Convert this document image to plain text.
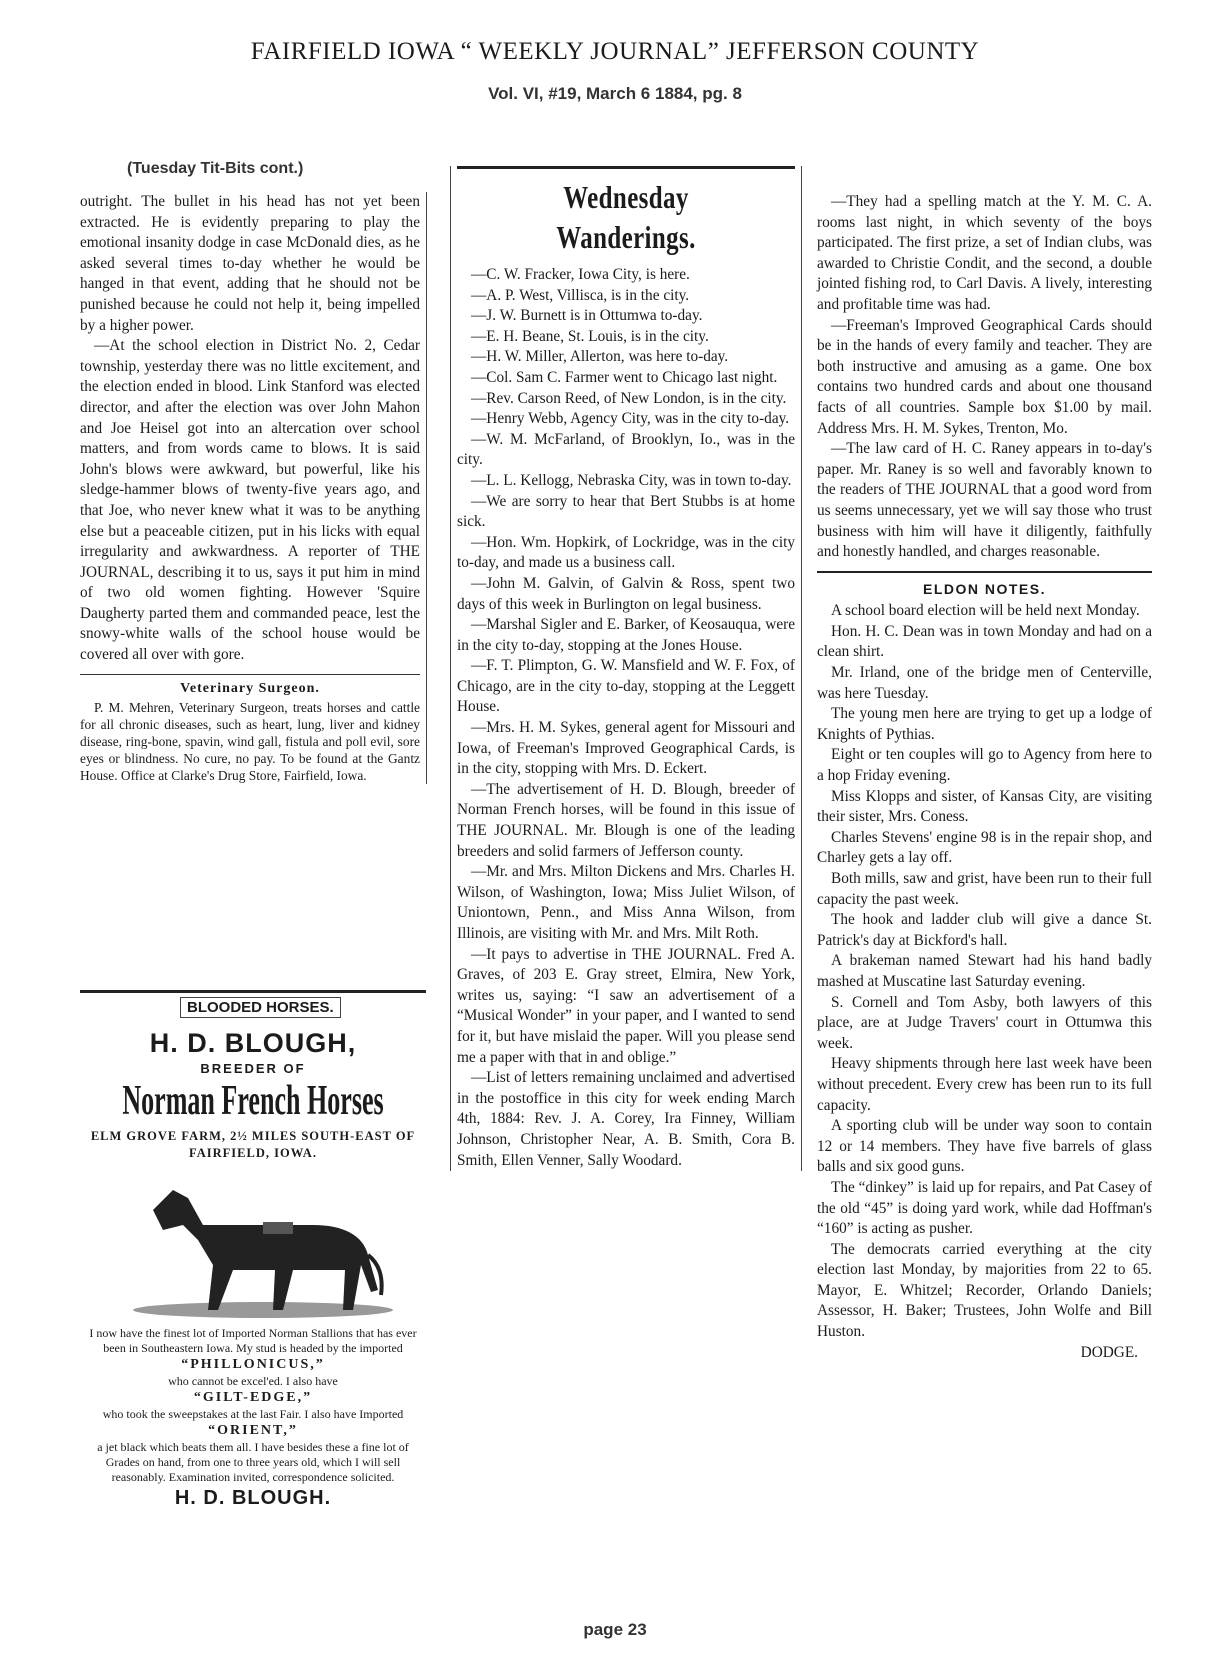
FAIRFIELD IOWA “ WEEKLY JOURNAL” JEFFERSON COUNTY
Vol. VI, #19, March 6 1884, pg. 8
(Tuesday Tit-Bits cont.)

outright. The bullet in his head has not yet been extracted. He is evidently preparing to play the emotional insanity dodge in case McDonald dies, as he asked several times to-day whether he would be hanged in that event, adding that he should not be punished because he could not help it, being impelled by a higher power.

—At the school election in District No. 2, Cedar township, yesterday there was no little excitement, and the election ended in blood. Link Stanford was elected director, and after the election was over John Mahon and Joe Heisel got into an altercation over school matters, and from words came to blows. It is said John's blows were awkward, but powerful, like his sledge-hammer blows of twenty-five years ago, and that Joe, who never knew what it was to be anything else but a peaceable citizen, put in his licks with equal irregularity and awkwardness. A reporter of THE JOURNAL, describing it to us, says it put him in mind of two old women fighting. However 'Squire Daugherty parted them and commanded peace, lest the snowy-white walls of the school house would be covered all over with gore.

Veterinary Surgeon.

P. M. Mehren, Veterinary Surgeon, treats horses and cattle for all chronic diseases, such as heart, lung, liver and kidney disease, ring-bone, spavin, wind gall, fistula and poll evil, sore eyes or blindness. No cure, no pay. To be found at the Gantz House. Office at Clarke's Drug Store, Fairfield, Iowa.

BLOODED HORSES.
H. D. BLOUGH,
BREEDER OF
Norman French Horses
ELM GROVE FARM, 2½ MILES SOUTH-EAST OF FAIRFIELD, IOWA.
I now have the finest lot of Imported Norman Stallions that has ever been in Southeastern Iowa. My stud is headed by the imported
“PHILLONICUS,”
who cannot be excel'ed. I also have
“GILT-EDGE,”
who took the sweepstakes at the last Fair. I also have Imported
“ORIENT,”
a jet black which beats them all. I have besides these a fine lot of Grades on hand, from one to three years old, which I will sell reasonably. Examination invited, correspondence solicited.
H. D. BLOUGH.
Wednesday Wanderings.

—C. W. Fracker, Iowa City, is here.

—A. P. West, Villisca, is in the city.

—J. W. Burnett is in Ottumwa to-day.

—E. H. Beane, St. Louis, is in the city.

—H. W. Miller, Allerton, was here to-day.

—Col. Sam C. Farmer went to Chicago last night.

—Rev. Carson Reed, of New London, is in the city.

—Henry Webb, Agency City, was in the city to-day.

—W. M. McFarland, of Brooklyn, Io., was in the city.

—L. L. Kellogg, Nebraska City, was in town to-day.

—We are sorry to hear that Bert Stubbs is at home sick.

—Hon. Wm. Hopkirk, of Lockridge, was in the city to-day, and made us a business call.

—John M. Galvin, of Galvin & Ross, spent two days of this week in Burlington on legal business.

—Marshal Sigler and E. Barker, of Keosauqua, were in the city to-day, stopping at the Jones House.

—F. T. Plimpton, G. W. Mansfield and W. F. Fox, of Chicago, are in the city to-day, stopping at the Leggett House.

—Mrs. H. M. Sykes, general agent for Missouri and Iowa, of Freeman's Improved Geographical Cards, is in the city, stopping with Mrs. D. Eckert.

—The advertisement of H. D. Blough, breeder of Norman French horses, will be found in this issue of THE JOURNAL. Mr. Blough is one of the leading breeders and solid farmers of Jefferson county.

—Mr. and Mrs. Milton Dickens and Mrs. Charles H. Wilson, of Washington, Iowa; Miss Juliet Wilson, of Uniontown, Penn., and Miss Anna Wilson, from Illinois, are visiting with Mr. and Mrs. Milt Roth.

—It pays to advertise in THE JOURNAL. Fred A. Graves, of 203 E. Gray street, Elmira, New York, writes us, saying: “I saw an advertisement of a “Musical Wonder” in your paper, and I wanted to send for it, but have mislaid the paper. Will you please send me a paper with that in and oblige.”

—List of letters remaining unclaimed and advertised in the postoffice in this city for week ending March 4th, 1884: Rev. J. A. Corey, Ira Finney, William Johnson, Christopher Near, A. B. Smith, Cora B. Smith, Ellen Venner, Sally Woodard.

—They had a spelling match at the Y. M. C. A. rooms last night, in which seventy of the boys participated. The first prize, a set of Indian clubs, was awarded to Christie Condit, and the second, a double jointed fishing rod, to Carl Davis. A lively, interesting and profitable time was had.

—Freeman's Improved Geographical Cards should be in the hands of every family and teacher. They are both instructive and amusing as a game. One box contains two hundred cards and about one thousand facts of all countries. Sample box $1.00 by mail. Address Mrs. H. M. Sykes, Trenton, Mo.

—The law card of H. C. Raney appears in to-day's paper. Mr. Raney is so well and favorably known to the readers of THE JOURNAL that a good word from us seems unnecessary, yet we will say those who trust business with him will have it diligently, faithfully and honestly handled, and charges reasonable.

ELDON NOTES.

A school board election will be held next Monday.

Hon. H. C. Dean was in town Monday and had on a clean shirt.

Mr. Irland, one of the bridge men of Centerville, was here Tuesday.

The young men here are trying to get up a lodge of Knights of Pythias.

Eight or ten couples will go to Agency from here to a hop Friday evening.

Miss Klopps and sister, of Kansas City, are visiting their sister, Mrs. Coness.

Charles Stevens' engine 98 is in the repair shop, and Charley gets a lay off.

Both mills, saw and grist, have been run to their full capacity the past week.

The hook and ladder club will give a dance St. Patrick's day at Bickford's hall.

A brakeman named Stewart had his hand badly mashed at Muscatine last Saturday evening.

S. Cornell and Tom Asby, both lawyers of this place, are at Judge Travers' court in Ottumwa this week.

Heavy shipments through here last week have been without precedent. Every crew has been run to its full capacity.

A sporting club will be under way soon to contain 12 or 14 members. They have five barrels of glass balls and six good guns.

The “dinkey” is laid up for repairs, and Pat Casey of the old “45” is doing yard work, while dad Hoffman's “160” is acting as pusher.

The democrats carried everything at the city election last Monday, by majorities from 22 to 65. Mayor, E. Whitzel; Recorder, Orlando Daniels; Assessor, H. Baker; Trustees, John Wolfe and Bill Huston.

DODGE.
page 23
